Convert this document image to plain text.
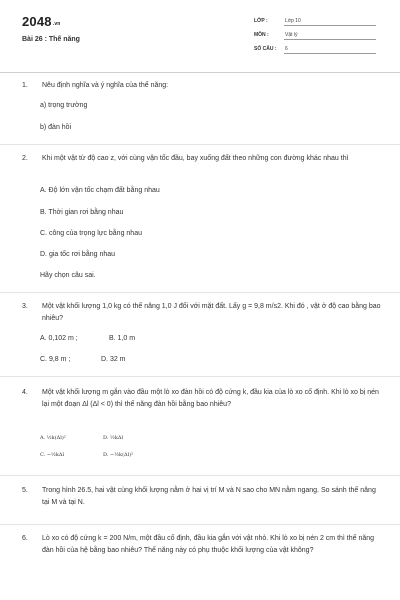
$2048^{.vn}$
Bài 26 : Thế năng
LỚP :	Lớp 10
MÔN :	Vật lý
SỐ CÂU : 6
1.	Nêu định nghĩa và ý nghĩa của thế năng:
a) trọng trường
b) đàn hồi
2.	Khi một vật từ độ cao z, với cùng vận tốc đầu, bay xuống đất theo những con đường khác nhau thì
A. Độ lớn vận tốc chạm đất bằng nhau
B. Thời gian rơi bằng nhau
C. công của trọng lực bằng nhau
D. gia tốc rơi bằng nhau
Hãy chọn câu sai.
3.	Một vật khối lượng 1,0 kg có thế năng 1,0 J đối với mặt đất. Lấy g = 9,8 m/s2. Khi đó , vật ở độ cao bằng bao nhiêu?
A. 0,102 m ;	B. 1,0 m
C. 9,8 m ;	D. 32 m
4.	Một vật khối lượng m gắn vào đầu một lò xo đàn hồi có độ cứng k, đầu kia của lò xo cố định. Khi lò xo bị nén lại một đoạn Δl (Δl < 0) thì thế năng đàn hồi bằng bao nhiêu?
A. ½k(Δl)²	D. ½kΔl
C. −½kΔl	D. −½k(Δl)²
5.	Trong hình 26.5, hai vật cùng khối lượng nằm ở hai vị trí M và N sao cho MN nằm ngang. So sánh thế năng tại M và tại N.
6.	Lò xo có độ cứng k = 200 N/m, một đầu cố định, đầu kia gắn với vật nhỏ. Khi lò xo bị nén 2 cm thì thế năng đàn hồi của hệ bằng bao nhiêu? Thế năng này có phụ thuộc khối lượng của vật không?
